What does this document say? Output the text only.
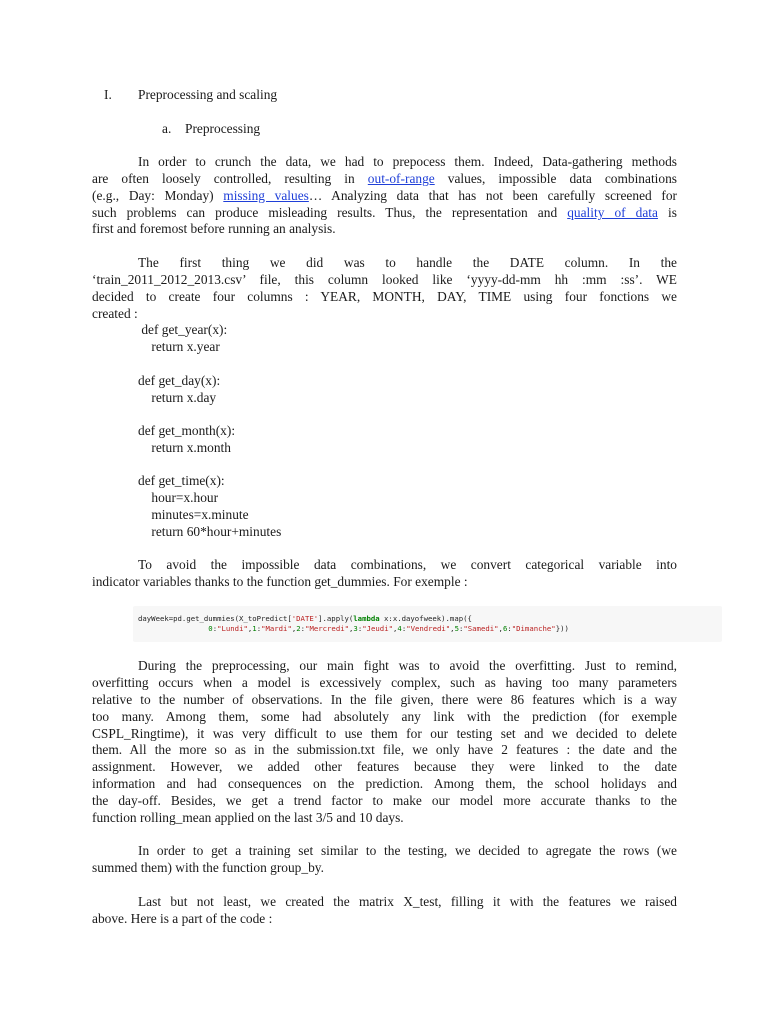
I. Preprocessing and scaling
a. Preprocessing
In order to crunch the data, we had to prepocess them. Indeed, Data-gathering methods
are often loosely controlled, resulting in out-of-range values, impossible data combinations
(e.g., Day: Monday) missing values… Analyzing data that has not been carefully screened for
such problems can produce misleading results. Thus, the representation and quality of data is
first and foremost before running an analysis.
The first thing we did was to handle the DATE column. In the
‘train_2011_2012_2013.csv’ file, this column looked like ‘yyyy-dd-mm hh :mm :ss’. WE
decided to create four columns : YEAR, MONTH, DAY, TIME using four fonctions we
created :
def get_year(x):
return x.year
def get_day(x):
return x.day
def get_month(x):
return x.month
def get_time(x):
hour=x.hour
minutes=x.minute
return 60*hour+minutes
To avoid the impossible data combinations, we convert categorical variable into
indicator variables thanks to the function get_dummies. For exemple :
dayWeek=pd.get_dummies(X_toPredict['DATE'].apply(lambda x:x.dayofweek).map({
0:"Lundi",1:"Mardi",2:"Mercredi",3:"Jeudi",4:"Vendredi",5:"Samedi",6:"Dimanche"}))
During the preprocessing, our main fight was to avoid the overfitting. Just to remind,
overfitting occurs when a model is excessively complex, such as having too many parameters
relative to the number of observations. In the file given, there were 86 features which is a way
too many. Among them, some had absolutely any link with the prediction (for exemple
CSPL_Ringtime), it was very difficult to use them for our testing set and we decided to delete
them. All the more so as in the submission.txt file, we only have 2 features : the date and the
assignment. However, we added other features because they were linked to the date
information and had consequences on the prediction. Among them, the school holidays and
the day-off. Besides, we get a trend factor to make our model more accurate thanks to the
function rolling_mean applied on the last 3/5 and 10 days.
In order to get a training set similar to the testing, we decided to agregate the rows (we
summed them) with the function group_by.
Last but not least, we created the matrix X_test, filling it with the features we raised
above. Here is a part of the code :
